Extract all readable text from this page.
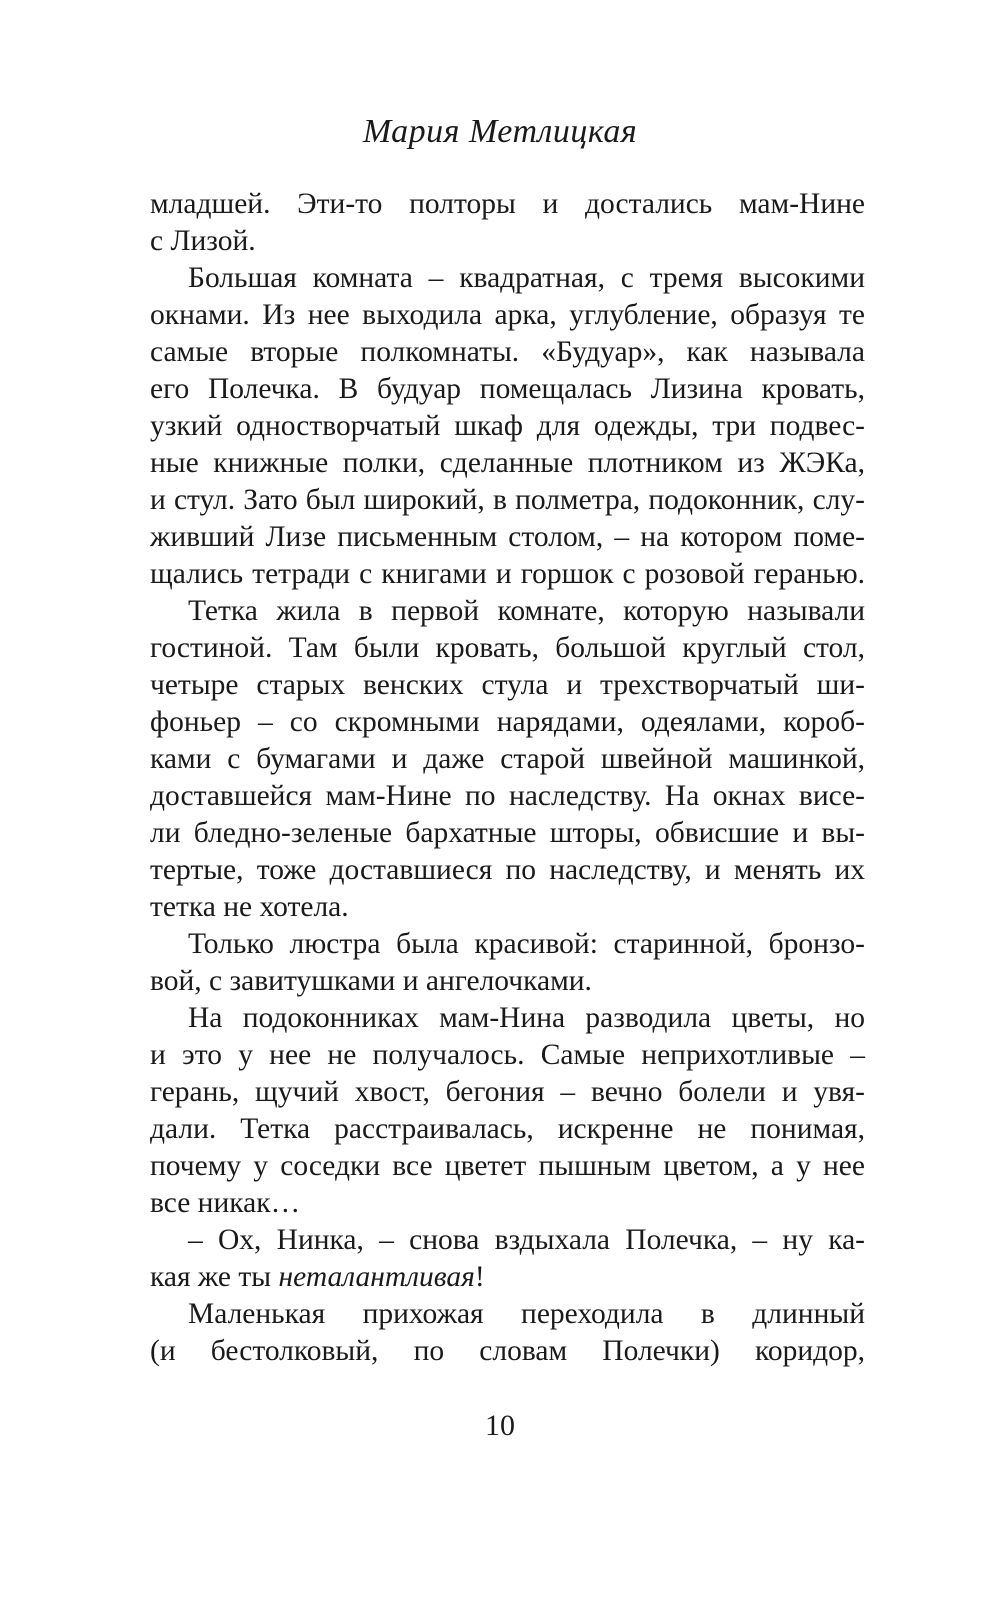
Мария Метлицкая
младшей. Эти-то полторы и достались мам-Нине
с Лизой.
Большая комната – квадратная, с тремя высокими
окнами. Из нее выходила арка, углубление, образуя те
самые вторые полкомнаты. «Будуар», как называла
его Полечка. В будуар помещалась Лизина кровать,
узкий одностворчатый шкаф для одежды, три подвес-
ные книжные полки, сделанные плотником из ЖЭКа,
и стул. Зато был широкий, в полметра, подоконник, слу-
живший Лизе письменным столом, – на котором поме-
щались тетради с книгами и горшок с розовой геранью.
Тетка жила в первой комнате, которую называли
гостиной. Там были кровать, большой круглый стол,
четыре старых венских стула и трехстворчатый ши-
фоньер – со скромными нарядами, одеялами, короб-
ками с бумагами и даже старой швейной машинкой,
доставшейся мам-Нине по наследству. На окнах висе-
ли бледно-зеленые бархатные шторы, обвисшие и вы-
тертые, тоже доставшиеся по наследству, и менять их
тетка не хотела.
Только люстра была красивой: старинной, бронзо-
вой, с завитушками и ангелочками.
На подоконниках мам-Нина разводила цветы, но
и это у нее не получалось. Самые неприхотливые –
герань, щучий хвост, бегония – вечно болели и увя-
дали. Тетка расстраивалась, искренне не понимая,
почему у соседки все цветет пышным цветом, а у нее
все никак…
– Ох, Нинка, – снова вздыхала Полечка, – ну ка-
кая же ты неталантливая!
Маленькая прихожая переходила в длинный
(и бестолковый, по словам Полечки) коридор,
10
